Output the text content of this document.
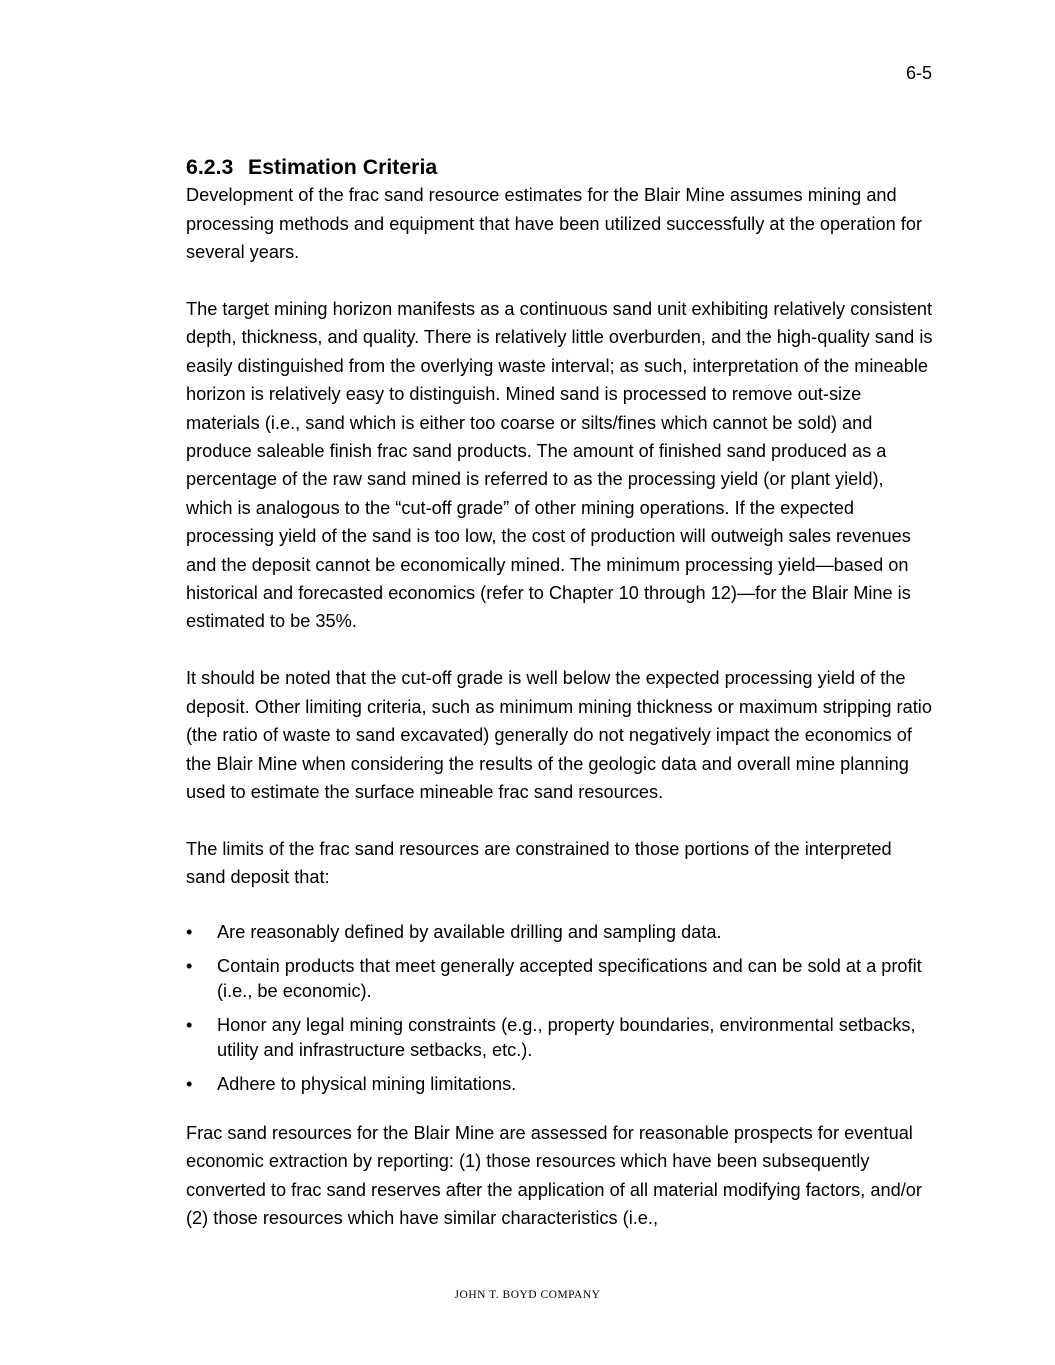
6-5
6.2.3 Estimation Criteria

Development of the frac sand resource estimates for the Blair Mine assumes mining and processing methods and equipment that have been utilized successfully at the operation for several years.

The target mining horizon manifests as a continuous sand unit exhibiting relatively consistent depth, thickness, and quality. There is relatively little overburden, and the high-quality sand is easily distinguished from the overlying waste interval; as such, interpretation of the mineable horizon is relatively easy to distinguish. Mined sand is processed to remove out-size materials (i.e., sand which is either too coarse or silts/fines which cannot be sold) and produce saleable finish frac sand products. The amount of finished sand produced as a percentage of the raw sand mined is referred to as the processing yield (or plant yield), which is analogous to the “cut-off grade” of other mining operations. If the expected processing yield of the sand is too low, the cost of production will outweigh sales revenues and the deposit cannot be economically mined. The minimum processing yield—based on historical and forecasted economics (refer to Chapter 10 through 12)—for the Blair Mine is estimated to be 35%.

It should be noted that the cut-off grade is well below the expected processing yield of the deposit. Other limiting criteria, such as minimum mining thickness or maximum stripping ratio (the ratio of waste to sand excavated) generally do not negatively impact the economics of the Blair Mine when considering the results of the geologic data and overall mine planning used to estimate the surface mineable frac sand resources.

The limits of the frac sand resources are constrained to those portions of the interpreted sand deposit that:

•	Are reasonably defined by available drilling and sampling data.
•	Contain products that meet generally accepted specifications and can be sold at a profit (i.e., be economic).
•	Honor any legal mining constraints (e.g., property boundaries, environmental setbacks, utility and infrastructure setbacks, etc.).
•	Adhere to physical mining limitations.

Frac sand resources for the Blair Mine are assessed for reasonable prospects for eventual economic extraction by reporting: (1) those resources which have been subsequently converted to frac sand reserves after the application of all material modifying factors, and/or (2) those resources which have similar characteristics (i.e.,

JOHN T. BOYD COMPANY
